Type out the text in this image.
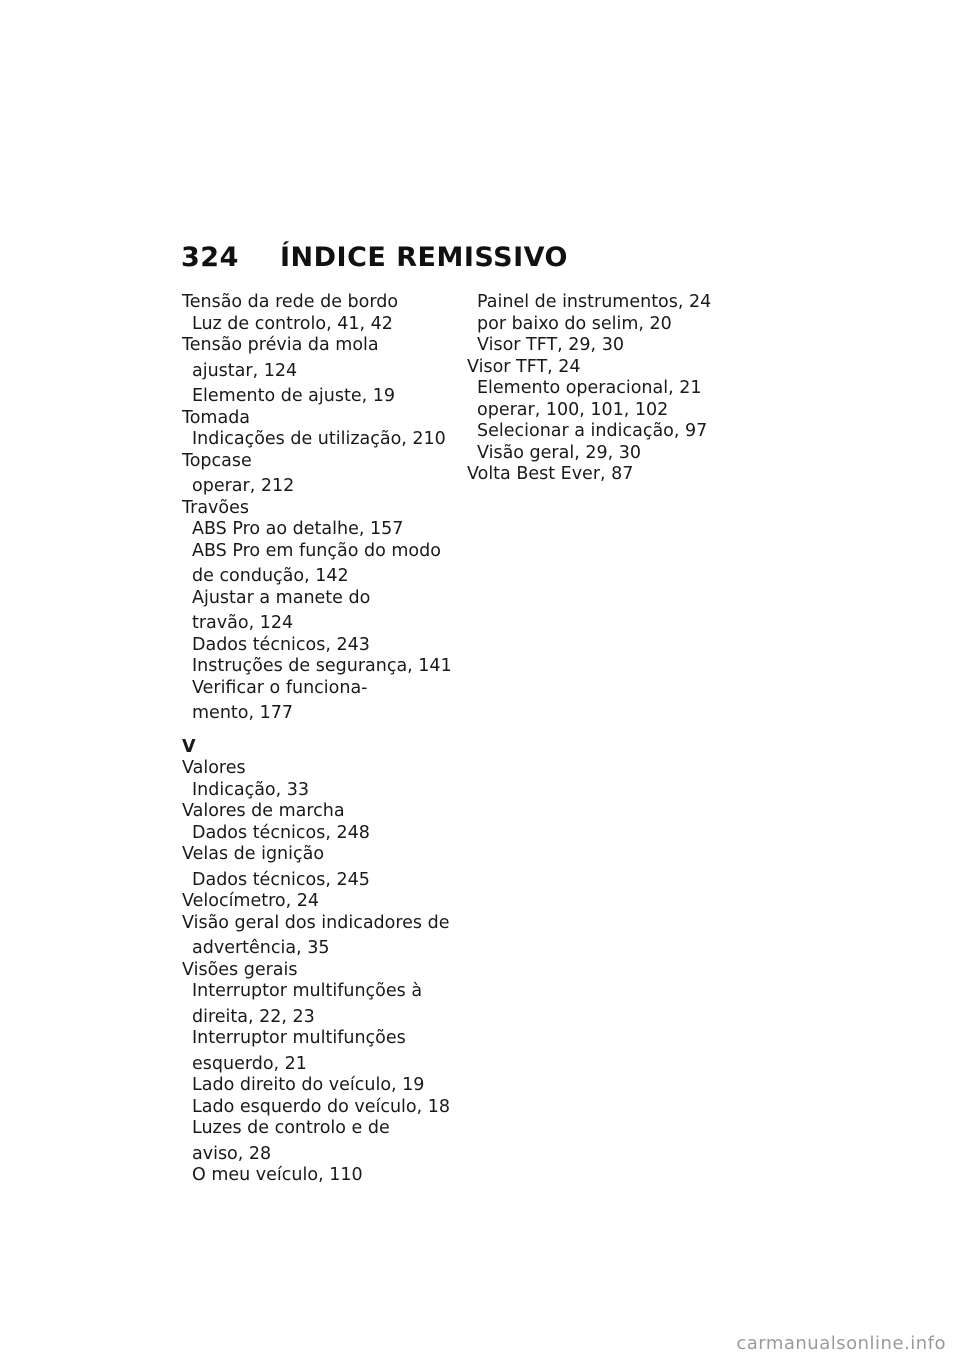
324 ÍNDICE REMISSIVO
Tensão da rede de bordo
Luz de controlo, 41, 42
Tensão prévia da mola
ajustar, 124
Elemento de ajuste, 19
Tomada
Indicações de utilização, 210
Topcase
operar, 212
Travões
ABS Pro ao detalhe, 157
ABS Pro em função do modo
de condução, 142
Ajustar a manete do
travão, 124
Dados técnicos, 243
Instruções de segurança, 141
Verificar o funciona-
mento, 177
V
Valores
Indicação, 33
Valores de marcha
Dados técnicos, 248
Velas de ignição
Dados técnicos, 245
Velocímetro, 24
Visão geral dos indicadores de
advertência, 35
Visões gerais
Interruptor multifunções à
direita, 22, 23
Interruptor multifunções
esquerdo, 21
Lado direito do veículo, 19
Lado esquerdo do veículo, 18
Luzes de controlo e de
aviso, 28
O meu veículo, 110
Painel de instrumentos, 24
por baixo do selim, 20
Visor TFT, 29, 30
Visor TFT, 24
Elemento operacional, 21
operar, 100, 101, 102
Selecionar a indicação, 97
Visão geral, 29, 30
Volta Best Ever, 87
carmanualsonline.info
